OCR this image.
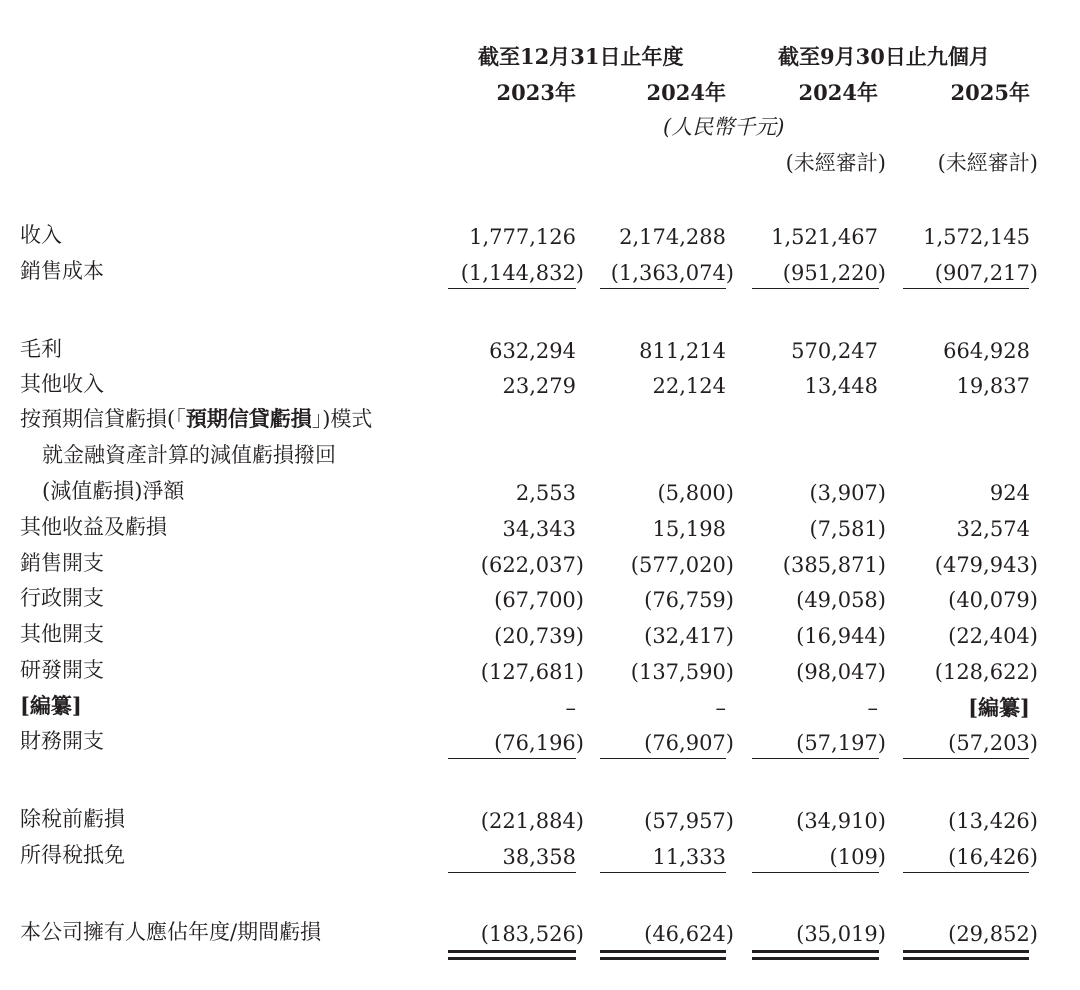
截至12月31日止年度	截至9月30日止九個月
2023年	2024年	2024年	2025年
(人民幣千元)
(未經審計) (未經審計)
收入	1,777,126 2,174,288 1,521,467 1,572,145
銷售成本	(1,144,832) (1,363,074) (951,220) (907,217)
毛利	632,294	811,214	570,247	664,928
其他收入	23,279	22,124	13,448	19,837
按預期信貸虧損(「預期信貸虧損」)模式
就金融資產計算的減值虧損撥回
(減值虧損)淨額	2,553	(5,800)	(3,907)	924
其他收益及虧損	34,343	15,198	(7,581)	32,574
銷售開支	(622,037) (577,020) (385,871) (479,943)
行政開支	(67,700)	(76,759)	(49,058)	(40,079)
其他開支	(20,739)	(32,417)	(16,944)	(22,404)
研發開支	(127,681) (137,590)	(98,047) (128,622)
[編纂]	–	–	–	[編纂]
財務開支	(76,196)	(76,907)	(57,197)	(57,203)
除稅前虧損	(221,884)	(57,957)	(34,910)	(13,426)
所得稅抵免	38,358	11,333	(109)	(16,426)
本公司擁有人應佔年度/期間虧損	(183,526)	(46,624)	(35,019)	(29,852)
